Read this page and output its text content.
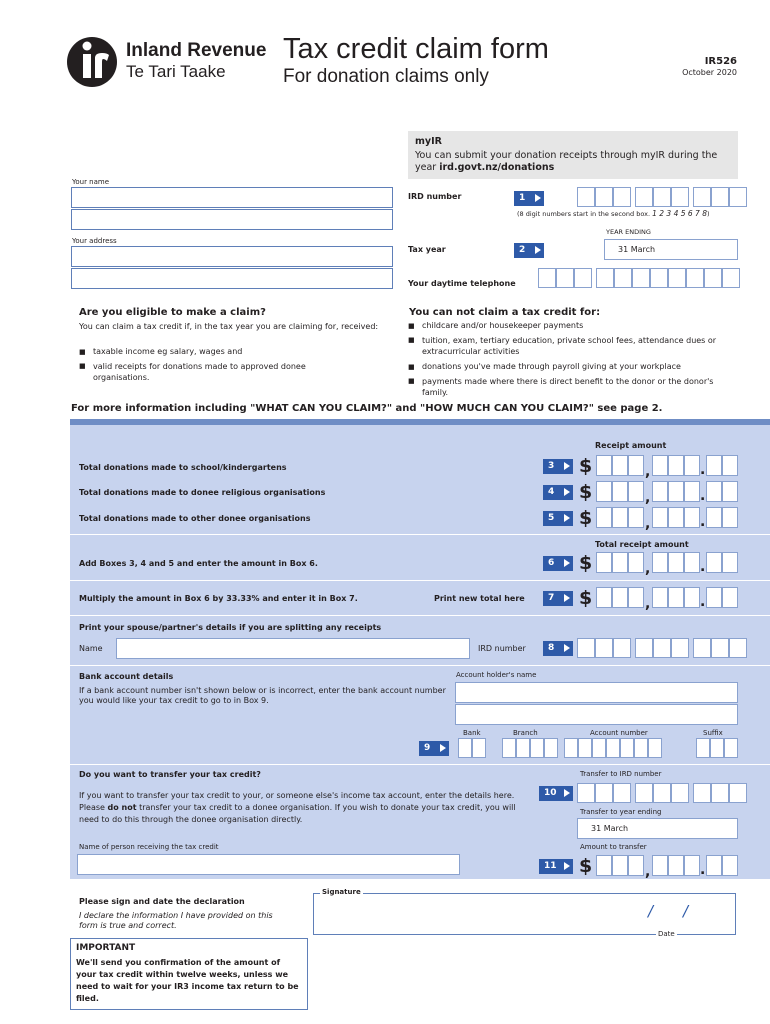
Inland Revenue
Te Tari Taake
Tax credit claim form
For donation claims only
IR526
October 2020
myIR
You can submit your donation receipts through myIR during the year ird.govt.nz/donations
Your name
Your address
IRD number	1
(8 digit numbers start in the second box. 1 2 3 4 5 6 7 8)
YEAR ENDING
Tax year	2	31 March
Your daytime telephone
Are you eligible to make a claim?
You can claim a tax credit if, in the tax year you are claiming for, received:
■ taxable income eg salary, wages and
■ valid receipts for donations made to approved donee organisations.
You can not claim a tax credit for:
■ childcare and/or housekeeper payments
■ tuition, exam, tertiary education, private school fees, attendance dues or extracurricular activities
■ donations you've made through payroll giving at your workplace
■ payments made where there is direct benefit to the donor or the donor's family.
For more information including "WHAT CAN YOU CLAIM?" and "HOW MUCH CAN YOU CLAIM?" see page 2.
Receipt amount
Total donations made to school/kindergartens	3	$
Total donations made to donee religious organisations	4	$
Total donations made to other donee organisations	5	$
Total receipt amount
Add Boxes 3, 4 and 5 and enter the amount in Box 6.	6	$
Multiply the amount in Box 6 by 33.33% and enter it in Box 7.	Print new total here	7	$
Print your spouse/partner's details if you are splitting any receipts
Name	IRD number	8
Bank account details
If a bank account number isn't shown below or is incorrect, enter the bank account number you would like your tax credit to go to in Box 9.
Account holder's name
Bank	Branch	Account number	Suffix
9
Do you want to transfer your tax credit?
If you want to transfer your tax credit to your, or someone else's income tax account, enter the details here. Please do not transfer your tax credit to a donee organisation. If you wish to donate your tax credit, you will need to do this through the donee organisation directly.
Transfer to IRD number
10
Transfer to year ending
31 March
Name of person receiving the tax credit	Amount to transfer
11	$
Please sign and date the declaration
I declare the information I have provided on this form is true and correct.
Signature
/ /
Date
IMPORTANT
We'll send you confirmation of the amount of your tax credit within twelve weeks, unless we need to wait for your IR3 income tax return to be filed.
,	.
,	.
,	.
,	.
,	.
,	.
